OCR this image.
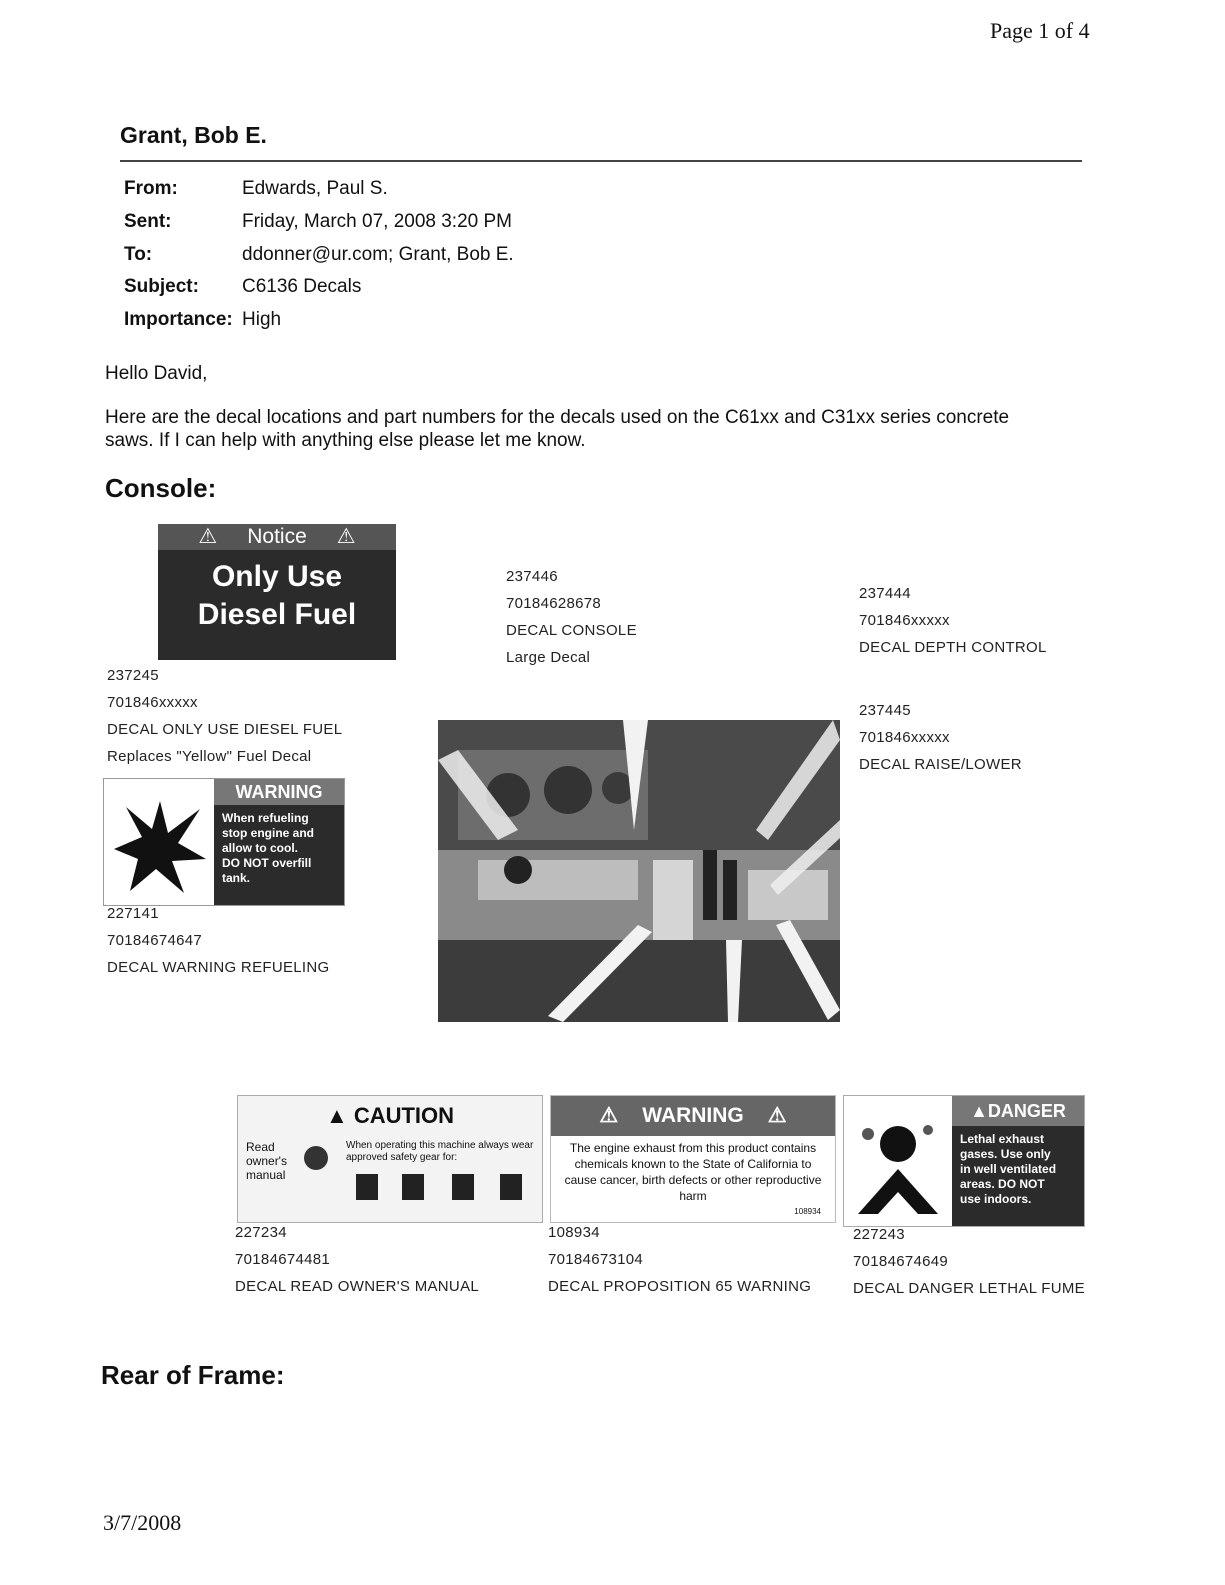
Page 1 of 4
Grant, Bob E.
From:	Edwards, Paul S.
Sent:	Friday, March 07, 2008 3:20 PM
To:	ddonner@ur.com; Grant, Bob E.
Subject: C6136 Decals
Importance: High
Hello David,
Here are the decal locations and part numbers for the decals used on the C61xx and C31xx series concrete
saws. If I can help with anything else please let me know.
Console:
⚠ Notice ⚠
Only Use
Diesel Fuel
237245
701846xxxxx
DECAL ONLY USE DIESEL FUEL
Replaces "Yellow" Fuel Decal
WARNING
When refueling
stop engine and
allow to cool.
DO NOT overfill
tank.
227141
70184674647
DECAL WARNING REFUELING
237446
70184628678
DECAL CONSOLE
Large Decal
237444
701846xxxxx
DECAL DEPTH CONTROL
237445
701846xxxxx
DECAL RAISE/LOWER
▲ CAUTION
Read owner's manual
When operating this machine always wear approved safety gear for:
227234
70184674481
DECAL READ OWNER'S MANUAL
⚠ WARNING ⚠
The engine exhaust from this product contains chemicals known to the State of California to cause cancer, birth defects or other reproductive harm
108934
108934
70184673104
DECAL PROPOSITION 65 WARNING
▲DANGER
Lethal exhaust
gases. Use only
in well ventilated
areas. DO NOT
use indoors.
227243
70184674649
DECAL DANGER LETHAL FUME
Rear of Frame:
3/7/2008
